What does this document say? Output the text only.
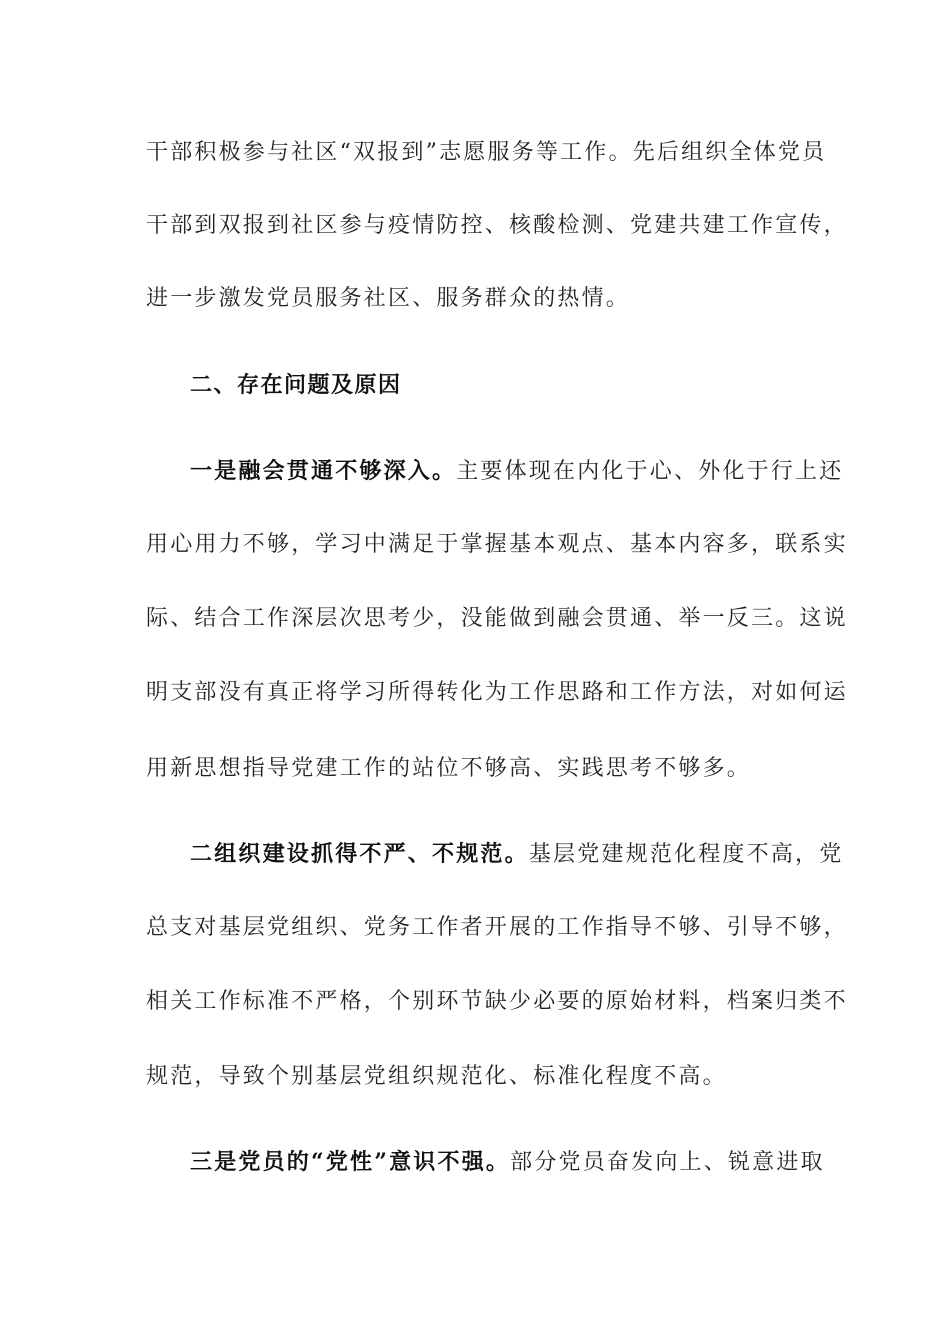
干部积极参与社区“双报到”志愿服务等工作。先后组织全体党员
干部到双报到社区参与疫情防控、核酸检测、党建共建工作宣传，
进一步激发党员服务社区、服务群众的热情。
二、存在问题及原因
一是融会贯通不够深入。主要体现在内化于心、外化于行上还
用心用力不够，学习中满足于掌握基本观点、基本内容多，联系实
际、结合工作深层次思考少，没能做到融会贯通、举一反三。这说
明支部没有真正将学习所得转化为工作思路和工作方法，对如何运
用新思想指导党建工作的站位不够高、实践思考不够多。
二组织建设抓得不严、不规范。基层党建规范化程度不高，党
总支对基层党组织、党务工作者开展的工作指导不够、引导不够，
相关工作标准不严格，个别环节缺少必要的原始材料，档案归类不
规范，导致个别基层党组织规范化、标准化程度不高。
三是党员的“党性”意识不强。部分党员奋发向上、锐意进取
